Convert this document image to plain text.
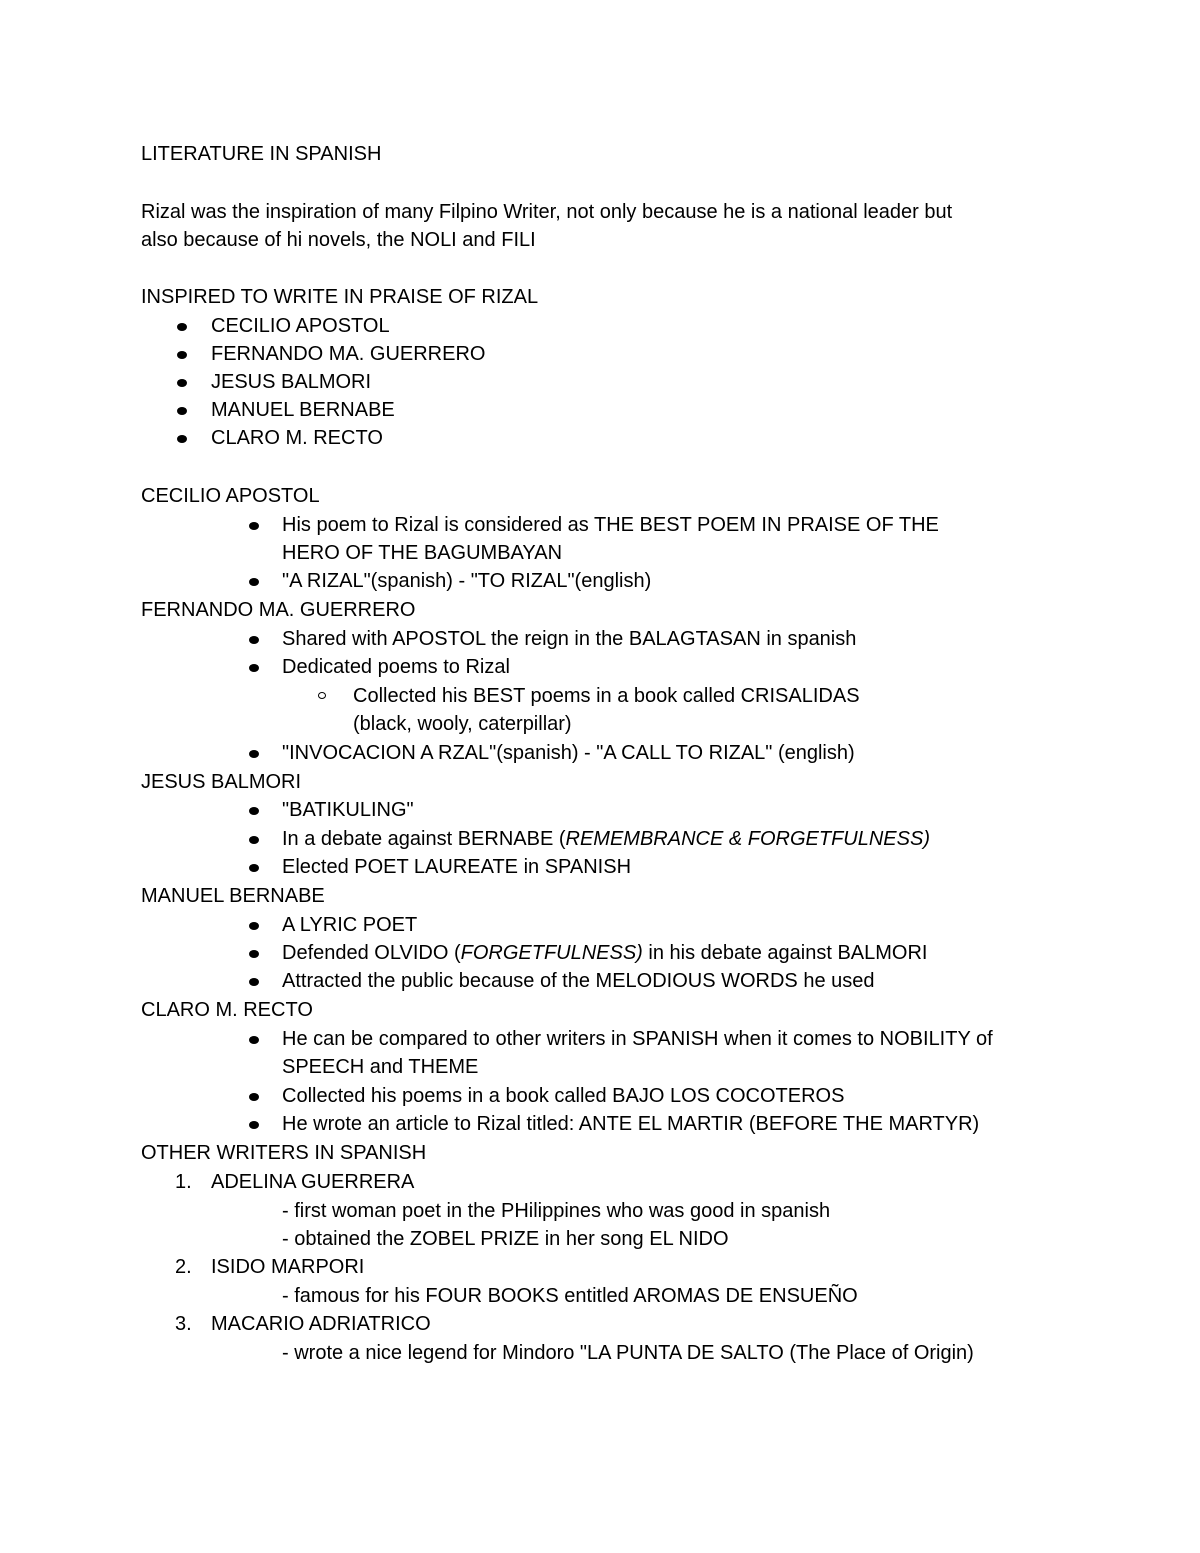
LITERATURE IN SPANISH
Rizal was the inspiration of many Filpino Writer, not only because he is a national leader but
also because of hi novels, the NOLI and FILI
INSPIRED TO WRITE IN PRAISE OF RIZAL
CECILIO APOSTOL
FERNANDO MA. GUERRERO
JESUS BALMORI
MANUEL BERNABE
CLARO M. RECTO
CECILIO APOSTOL
His poem to Rizal is considered as THE BEST POEM IN PRAISE OF THE
HERO OF THE BAGUMBAYAN
"A RIZAL"(spanish) - "TO RIZAL"(english)
FERNANDO MA. GUERRERO
Shared with APOSTOL the reign in the BALAGTASAN in spanish
Dedicated poems to Rizal
Collected his BEST poems in a book called CRISALIDAS
(black, wooly, caterpillar)
"INVOCACION A RZAL"(spanish) - "A CALL TO RIZAL" (english)
JESUS BALMORI
"BATIKULING"
In a debate against BERNABE (REMEMBRANCE & FORGETFULNESS)
Elected POET LAUREATE in SPANISH
MANUEL BERNABE
A LYRIC POET
Defended OLVIDO (FORGETFULNESS) in his debate against BALMORI
Attracted the public because of the MELODIOUS WORDS he used
CLARO M. RECTO
He can be compared to other writers in SPANISH when it comes to NOBILITY of
SPEECH and THEME
Collected his poems in a book called BAJO LOS COCOTEROS
He wrote an article to Rizal titled: ANTE EL MARTIR (BEFORE THE MARTYR)
OTHER WRITERS IN SPANISH
1. ADELINA GUERRERA
- first woman poet in the PHilippines who was good in spanish
- obtained the ZOBEL PRIZE in her song EL NIDO
2. ISIDO MARPORI
- famous for his FOUR BOOKS entitled AROMAS DE ENSUEÑO
3. MACARIO ADRIATRICO
- wrote a nice legend for Mindoro "LA PUNTA DE SALTO (The Place of Origin)
